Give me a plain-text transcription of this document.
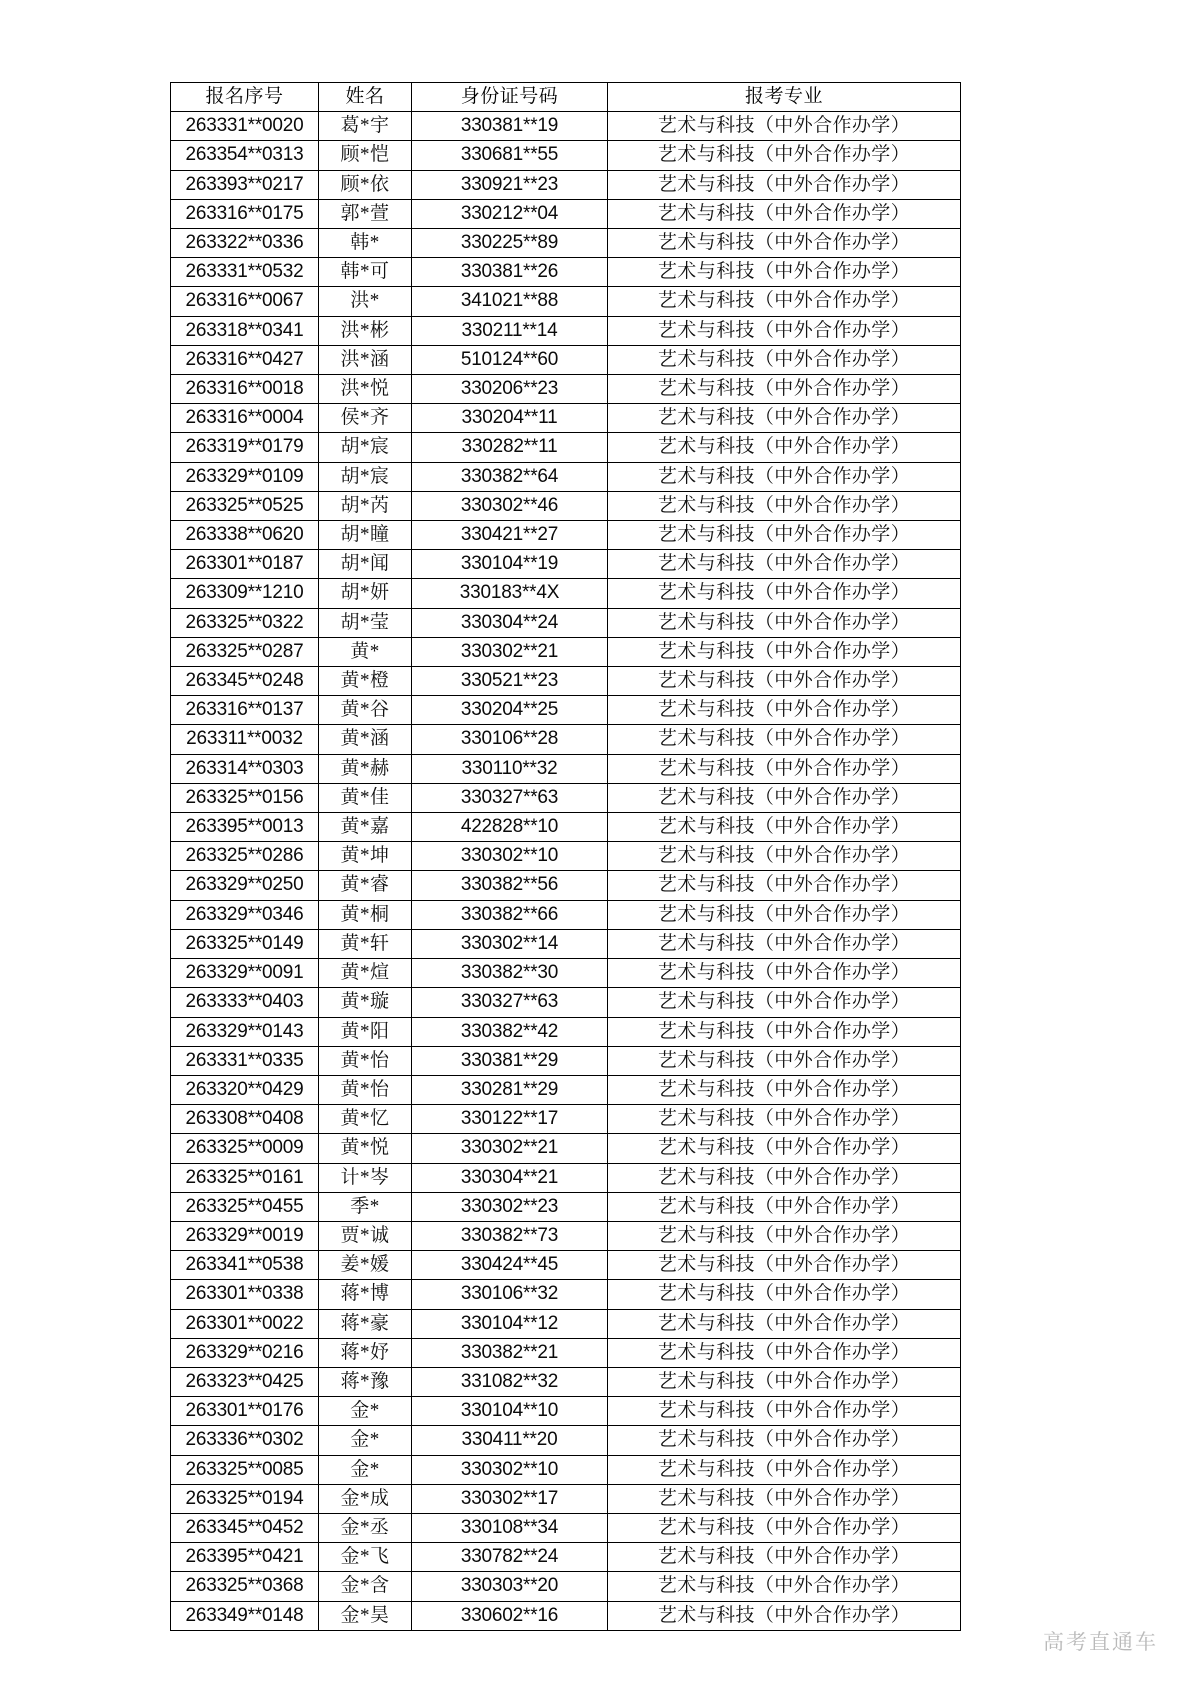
报名序号	姓名	身份证号码	报考专业
263331**0020	葛*宇	330381**19	艺术与科技（中外合作办学）
263354**0313	顾*恺	330681**55	艺术与科技（中外合作办学）
263393**0217	顾*依	330921**23	艺术与科技（中外合作办学）
263316**0175	郭*萱	330212**04	艺术与科技（中外合作办学）
263322**0336	韩*	330225**89	艺术与科技（中外合作办学）
263331**0532	韩*可	330381**26	艺术与科技（中外合作办学）
263316**0067	洪*	341021**88	艺术与科技（中外合作办学）
263318**0341	洪*彬	330211**14	艺术与科技（中外合作办学）
263316**0427	洪*涵	510124**60	艺术与科技（中外合作办学）
263316**0018	洪*悦	330206**23	艺术与科技（中外合作办学）
263316**0004	侯*齐	330204**11	艺术与科技（中外合作办学）
263319**0179	胡*宸	330282**11	艺术与科技（中外合作办学）
263329**0109	胡*宸	330382**64	艺术与科技（中外合作办学）
263325**0525	胡*芮	330302**46	艺术与科技（中外合作办学）
263338**0620	胡*瞳	330421**27	艺术与科技（中外合作办学）
263301**0187	胡*闻	330104**19	艺术与科技（中外合作办学）
263309**1210	胡*妍	330183**4X	艺术与科技（中外合作办学）
263325**0322	胡*莹	330304**24	艺术与科技（中外合作办学）
263325**0287	黄*	330302**21	艺术与科技（中外合作办学）
263345**0248	黄*橙	330521**23	艺术与科技（中外合作办学）
263316**0137	黄*谷	330204**25	艺术与科技（中外合作办学）
263311**0032	黄*涵	330106**28	艺术与科技（中外合作办学）
263314**0303	黄*赫	330110**32	艺术与科技（中外合作办学）
263325**0156	黄*佳	330327**63	艺术与科技（中外合作办学）
263395**0013	黄*嘉	422828**10	艺术与科技（中外合作办学）
263325**0286	黄*坤	330302**10	艺术与科技（中外合作办学）
263329**0250	黄*睿	330382**56	艺术与科技（中外合作办学）
263329**0346	黄*桐	330382**66	艺术与科技（中外合作办学）
263325**0149	黄*轩	330302**14	艺术与科技（中外合作办学）
263329**0091	黄*煊	330382**30	艺术与科技（中外合作办学）
263333**0403	黄*璇	330327**63	艺术与科技（中外合作办学）
263329**0143	黄*阳	330382**42	艺术与科技（中外合作办学）
263331**0335	黄*怡	330381**29	艺术与科技（中外合作办学）
263320**0429	黄*怡	330281**29	艺术与科技（中外合作办学）
263308**0408	黄*忆	330122**17	艺术与科技（中外合作办学）
263325**0009	黄*悦	330302**21	艺术与科技（中外合作办学）
263325**0161	计*岑	330304**21	艺术与科技（中外合作办学）
263325**0455	季*	330302**23	艺术与科技（中外合作办学）
263329**0019	贾*诚	330382**73	艺术与科技（中外合作办学）
263341**0538	姜*媛	330424**45	艺术与科技（中外合作办学）
263301**0338	蒋*博	330106**32	艺术与科技（中外合作办学）
263301**0022	蒋*豪	330104**12	艺术与科技（中外合作办学）
263329**0216	蒋*妤	330382**21	艺术与科技（中外合作办学）
263323**0425	蒋*豫	331082**32	艺术与科技（中外合作办学）
263301**0176	金*	330104**10	艺术与科技（中外合作办学）
263336**0302	金*	330411**20	艺术与科技（中外合作办学）
263325**0085	金*	330302**10	艺术与科技（中外合作办学）
263325**0194	金*成	330302**17	艺术与科技（中外合作办学）
263345**0452	金*丞	330108**34	艺术与科技（中外合作办学）
263395**0421	金*飞	330782**24	艺术与科技（中外合作办学）
263325**0368	金*含	330303**20	艺术与科技（中外合作办学）
263349**0148	金*昊	330602**16	艺术与科技（中外合作办学）
高考直通车
